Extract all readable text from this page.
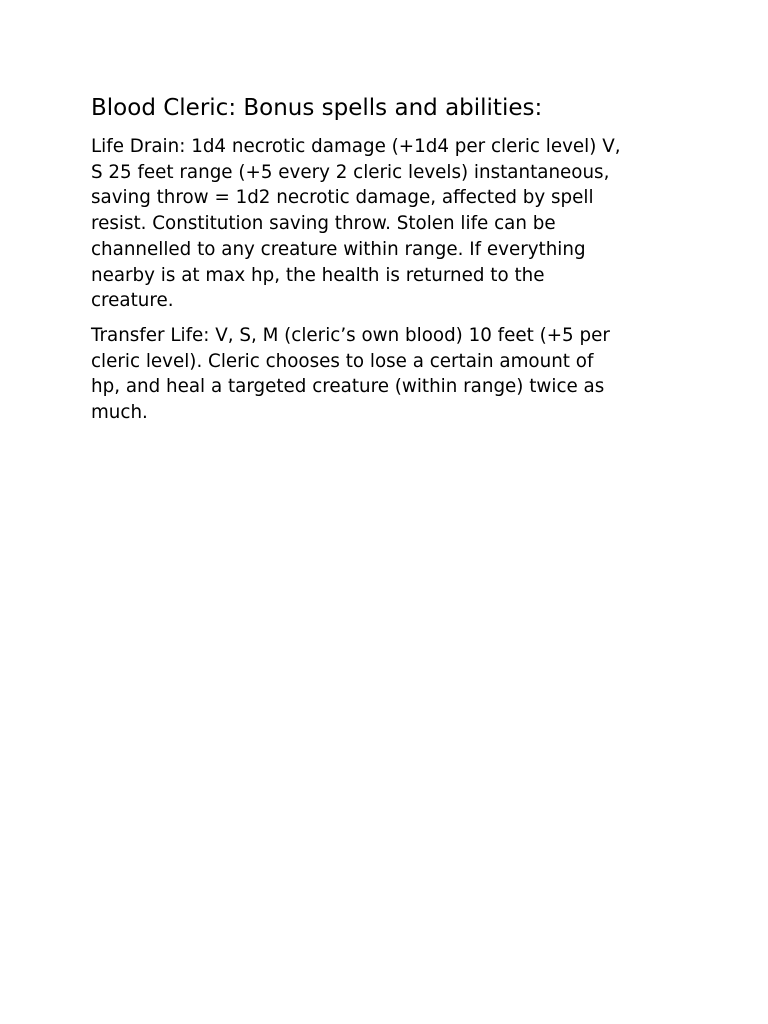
Blood Cleric: Bonus spells and abilities:

Life Drain: 1d4 necrotic damage (+1d4 per cleric level) V,
S 25 feet range (+5 every 2 cleric levels) instantaneous,
saving throw = 1d2 necrotic damage, affected by spell
resist. Constitution saving throw. Stolen life can be
channelled to any creature within range. If everything
nearby is at max hp, the health is returned to the
creature.

Transfer Life: V, S, M (cleric’s own blood) 10 feet (+5 per
cleric level). Cleric chooses to lose a certain amount of
hp, and heal a targeted creature (within range) twice as
much.
